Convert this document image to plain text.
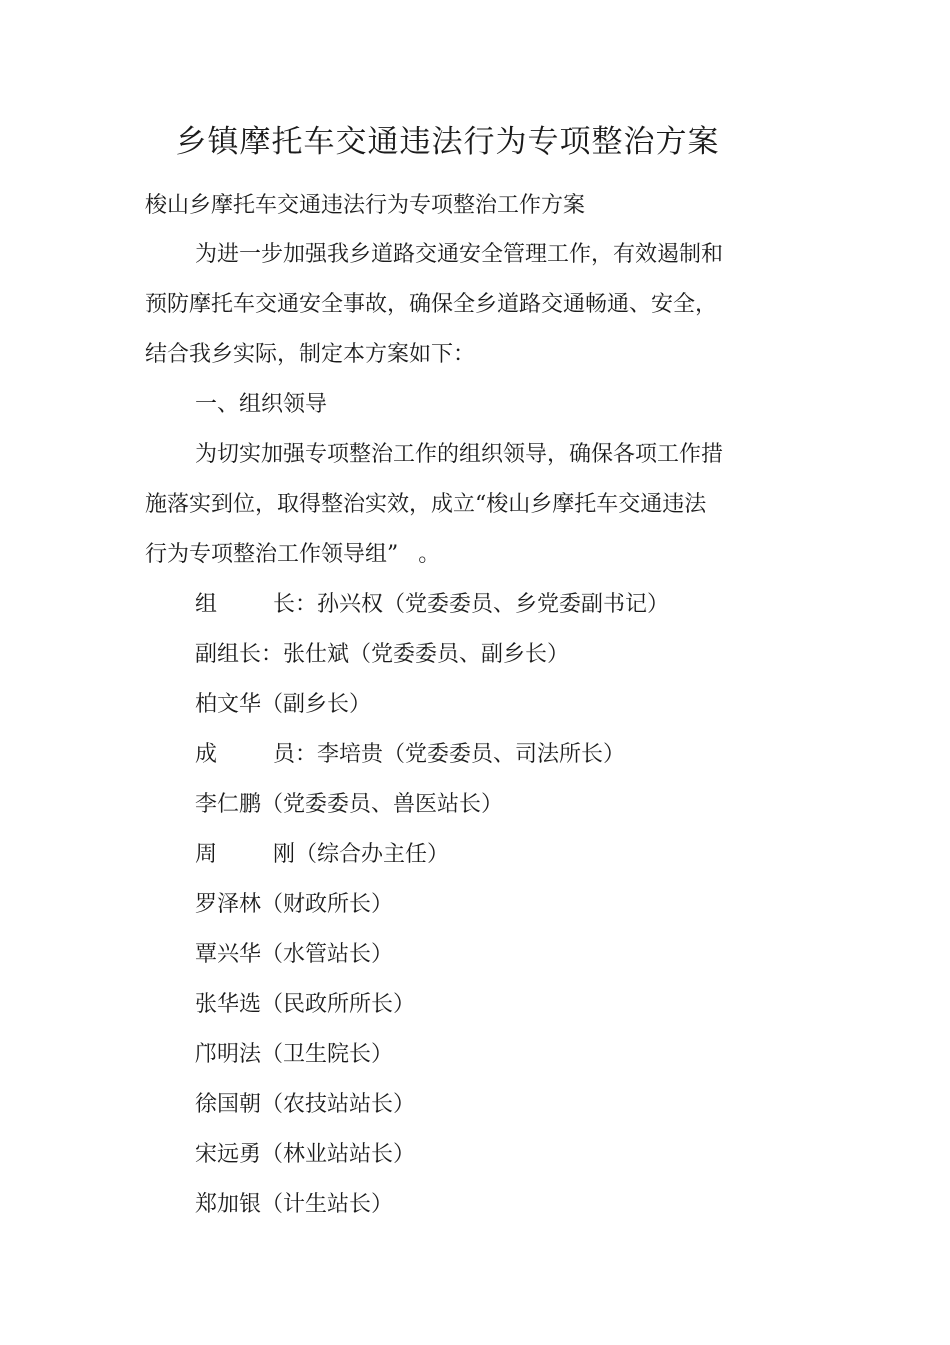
乡镇摩托车交通违法行为专项整治方案
梭山乡摩托车交通违法行为专项整治工作方案
为进一步加强我乡道路交通安全管理工作，有效遏制和
预防摩托车交通安全事故，确保全乡道路交通畅通、安全，
结合我乡实际，制定本方案如下：
一、组织领导
为切实加强专项整治工作的组织领导，确保各项工作措
施落实到位，取得整治实效，成立“梭山乡摩托车交通违法
行为专项整治工作领导组” 。
组	长：孙兴权（党委委员、乡党委副书记）
副组长：张仕斌（党委委员、副乡长）
柏文华（副乡长）
成	员：李培贵（党委委员、司法所长）
李仁鹏（党委委员、兽医站长）
周	刚（综合办主任）
罗泽林（财政所长）
覃兴华（水管站长）
张华选（民政所所长）
邝明法（卫生院长）
徐国朝（农技站站长）
宋远勇（林业站站长）
郑加银（计生站长）
